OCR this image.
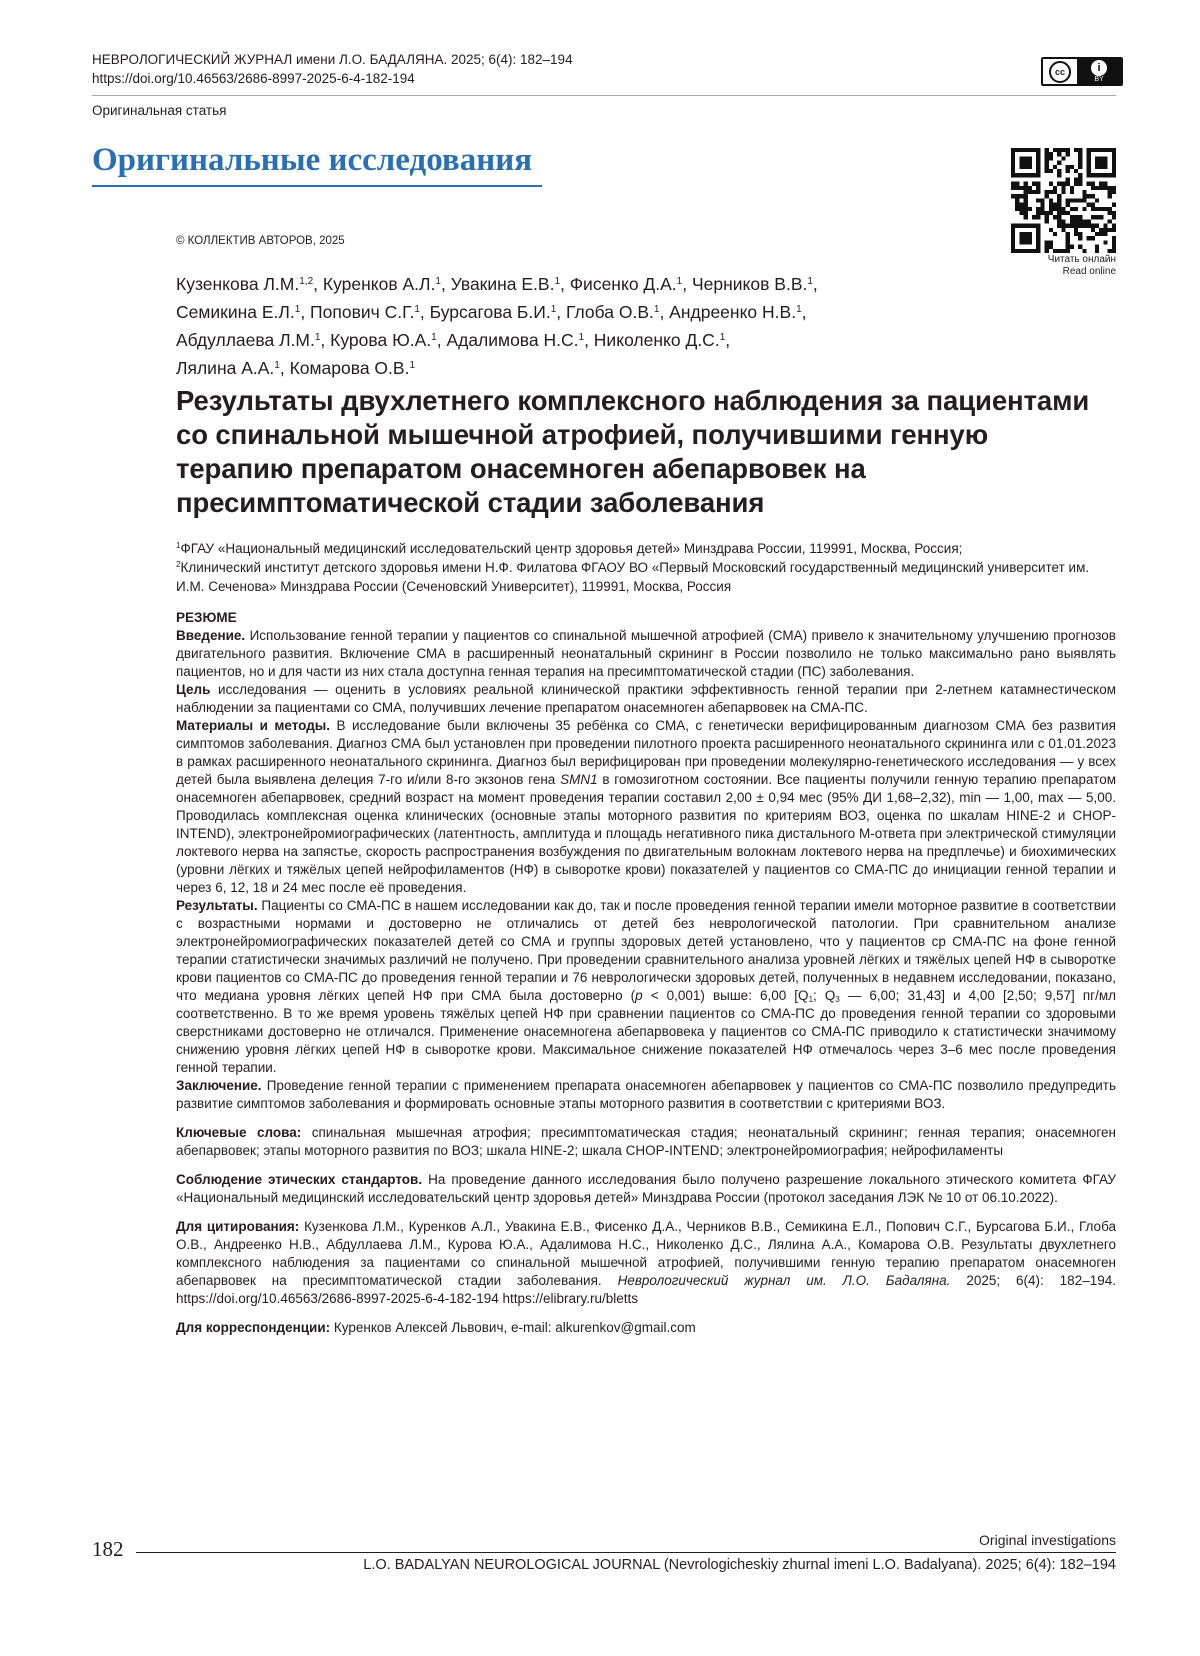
НЕВРОЛОГИЧЕСКИЙ ЖУРНАЛ имени Л.О. БАДАЛЯНА. 2025; 6(4): 182–194
https://doi.org/10.46563/2686-8997-2025-6-4-182-194
Оригинальная статья
cc	i
BY
Оригинальные исследования
Читать онлайн
Read online
© КОЛЛЕКТИВ АВТОРОВ, 2025
Кузенкова Л.М.$^{1,2}$, Куренков А.Л.$^1$, Увакина Е.В.$^1$, Фисенко Д.А.$^1$, Черников В.В.$^1$,
Семикина Е.Л.$^1$, Попович С.Г.$^1$, Бурсагова Б.И.$^1$, Глоба О.В.$^1$, Андреенко Н.В.$^1$,
Абдуллаева Л.М.$^1$, Курова Ю.А.$^1$, Адалимова Н.С.$^1$, Николенко Д.С.$^1$,
Лялина А.А.$^1$, Комарова О.В.$^1$
Результаты двухлетнего комплексного наблюдения за пациентами со спинальной мышечной атрофией, получившими генную терапию препаратом онасемноген абепарвовек на пресимптоматической стадии заболевания
$^1$ФГАУ «Национальный медицинский исследовательский центр здоровья детей» Минздрава России, 119991, Москва, Россия;
$^2$Клинический институт детского здоровья имени Н.Ф. Филатова ФГАОУ ВО «Первый Московский государственный медицинский университет им. И.М. Сеченова» Минздрава России (Сеченовский Университет), 119991, Москва, Россия

РЕЗЮМЕ

Введение. Использование генной терапии у пациентов со спинальной мышечной атрофией (СМА) привело к значительному улучшению прогнозов двигательного развития. Включение СМА в расширенный неонатальный скрининг в России позволило не только максимально рано выявлять пациентов, но и для части из них стала доступна генная терапия на пресимптоматической стадии (ПС) заболевания.

Цель исследования — оценить в условиях реальной клинической практики эффективность генной терапии при 2-летнем катамнестическом наблюдении за пациентами со СМА, получивших лечение препаратом онасемноген абепарвовек на СМА-ПС.

Материалы и методы. В исследование были включены 35 ребёнка со СМА, с генетически верифицированным диагнозом СМА без развития симптомов заболевания. Диагноз СМА был установлен при проведении пилотного проекта расширенного неонатального скрининга или с 01.01.2023 в рамках расширенного неонатального скрининга. Диагноз был верифицирован при проведении молекулярно-генетического исследования — у всех детей была выявлена делеция 7-го и/или 8-го экзонов гена SMN1 в гомозиготном состоянии. Все пациенты получили генную терапию препаратом онасемноген абепарвовек, средний возраст на момент проведения терапии составил 2,00 ± 0,94 мес (95% ДИ 1,68–2,32), min — 1,00, max — 5,00. Проводилась комплексная оценка клинических (основные этапы моторного развития по критериям ВОЗ, оценка по шкалам HINE-2 и CHOP-INTEND), электронейромиографических (латентность, амплитуда и площадь негативного пика дистального М-ответа при электрической стимуляции локтевого нерва на запястье, скорость распространения возбуждения по двигательным волокнам локтевого нерва на предплечье) и биохимических (уровни лёгких и тяжёлых цепей нейрофиламентов (НФ) в сыворотке крови) показателей у пациентов со СМА-ПС до инициации генной терапии и через 6, 12, 18 и 24 мес после её проведения.

Результаты. Пациенты со СМА-ПС в нашем исследовании как до, так и после проведения генной терапии имели моторное развитие в соответствии с возрастными нормами и достоверно не отличались от детей без неврологической патологии. При сравнительном анализе электронейромиографических показателей детей со СМА и группы здоровых детей установлено, что у пациентов ср СМА-ПС на фоне генной терапии статистически значимых различий не получено. При проведении сравнительного анализа уровней лёгких и тяжёлых цепей НФ в сыворотке крови пациентов со СМА-ПС до проведения генной терапии и 76 неврологически здоровых детей, полученных в недавнем исследовании, показано, что медиана уровня лёгких цепей НФ при СМА была достоверно (p < 0,001) выше: 6,00 [$Q_1$; $Q_3$ — 6,00; 31,43] и 4,00 [2,50; 9,57] пг/мл соответственно. В то же время уровень тяжёлых цепей НФ при сравнении пациентов со СМА-ПС до проведения генной терапии со здоровыми сверстниками достоверно не отличался. Применение онасемногена абепарвовека у пациентов со СМА-ПС приводило к статистически значимому снижению уровня лёгких цепей НФ в сыворотке крови. Максимальное снижение показателей НФ отмечалось через 3–6 мес после проведения генной терапии.

Заключение. Проведение генной терапии с применением препарата онасемноген абепарвовек у пациентов со СМА-ПС позволило предупредить развитие симптомов заболевания и формировать основные этапы моторного развития в соответствии с критериями ВОЗ.

Ключевые слова: спинальная мышечная атрофия; пресимптоматическая стадия; неонатальный скрининг; генная терапия; онасемноген абепарвовек; этапы моторного развития по ВОЗ; шкала HINE-2; шкала CHOP-INTEND; электронейромиография; нейрофиламенты

Соблюдение этических стандартов. На проведение данного исследования было получено разрешение локального этического комитета ФГАУ «Национальный медицинский исследовательский центр здоровья детей» Минздрава России (протокол заседания ЛЭК № 10 от 06.10.2022).

Для цитирования: Кузенкова Л.М., Куренков А.Л., Увакина Е.В., Фисенко Д.А., Черников В.В., Семикина Е.Л., Попович С.Г., Бурсагова Б.И., Глоба О.В., Андреенко Н.В., Абдуллаева Л.М., Курова Ю.А., Адалимова Н.С., Николенко Д.С., Лялина А.А., Комарова О.В. Результаты двухлетнего комплексного наблюдения за пациентами со спинальной мышечной атрофией, получившими генную терапию препаратом онасемноген абепарвовек на пресимптоматической стадии заболевания. Неврологический журнал им. Л.О. Бадаляна. 2025; 6(4): 182–194. https://doi.org/10.46563/2686-8997-2025-6-4-182-194 https://elibrary.ru/bletts

Для корреспонденции: Куренков Алексей Львович, e-mail: alkurenkov@gmail.com

Original investigations
182
L.O. BADALYAN NEUROLOGICAL JOURNAL (Nevrologicheskiy zhurnal imeni L.O. Badalyana). 2025; 6(4): 182–194
